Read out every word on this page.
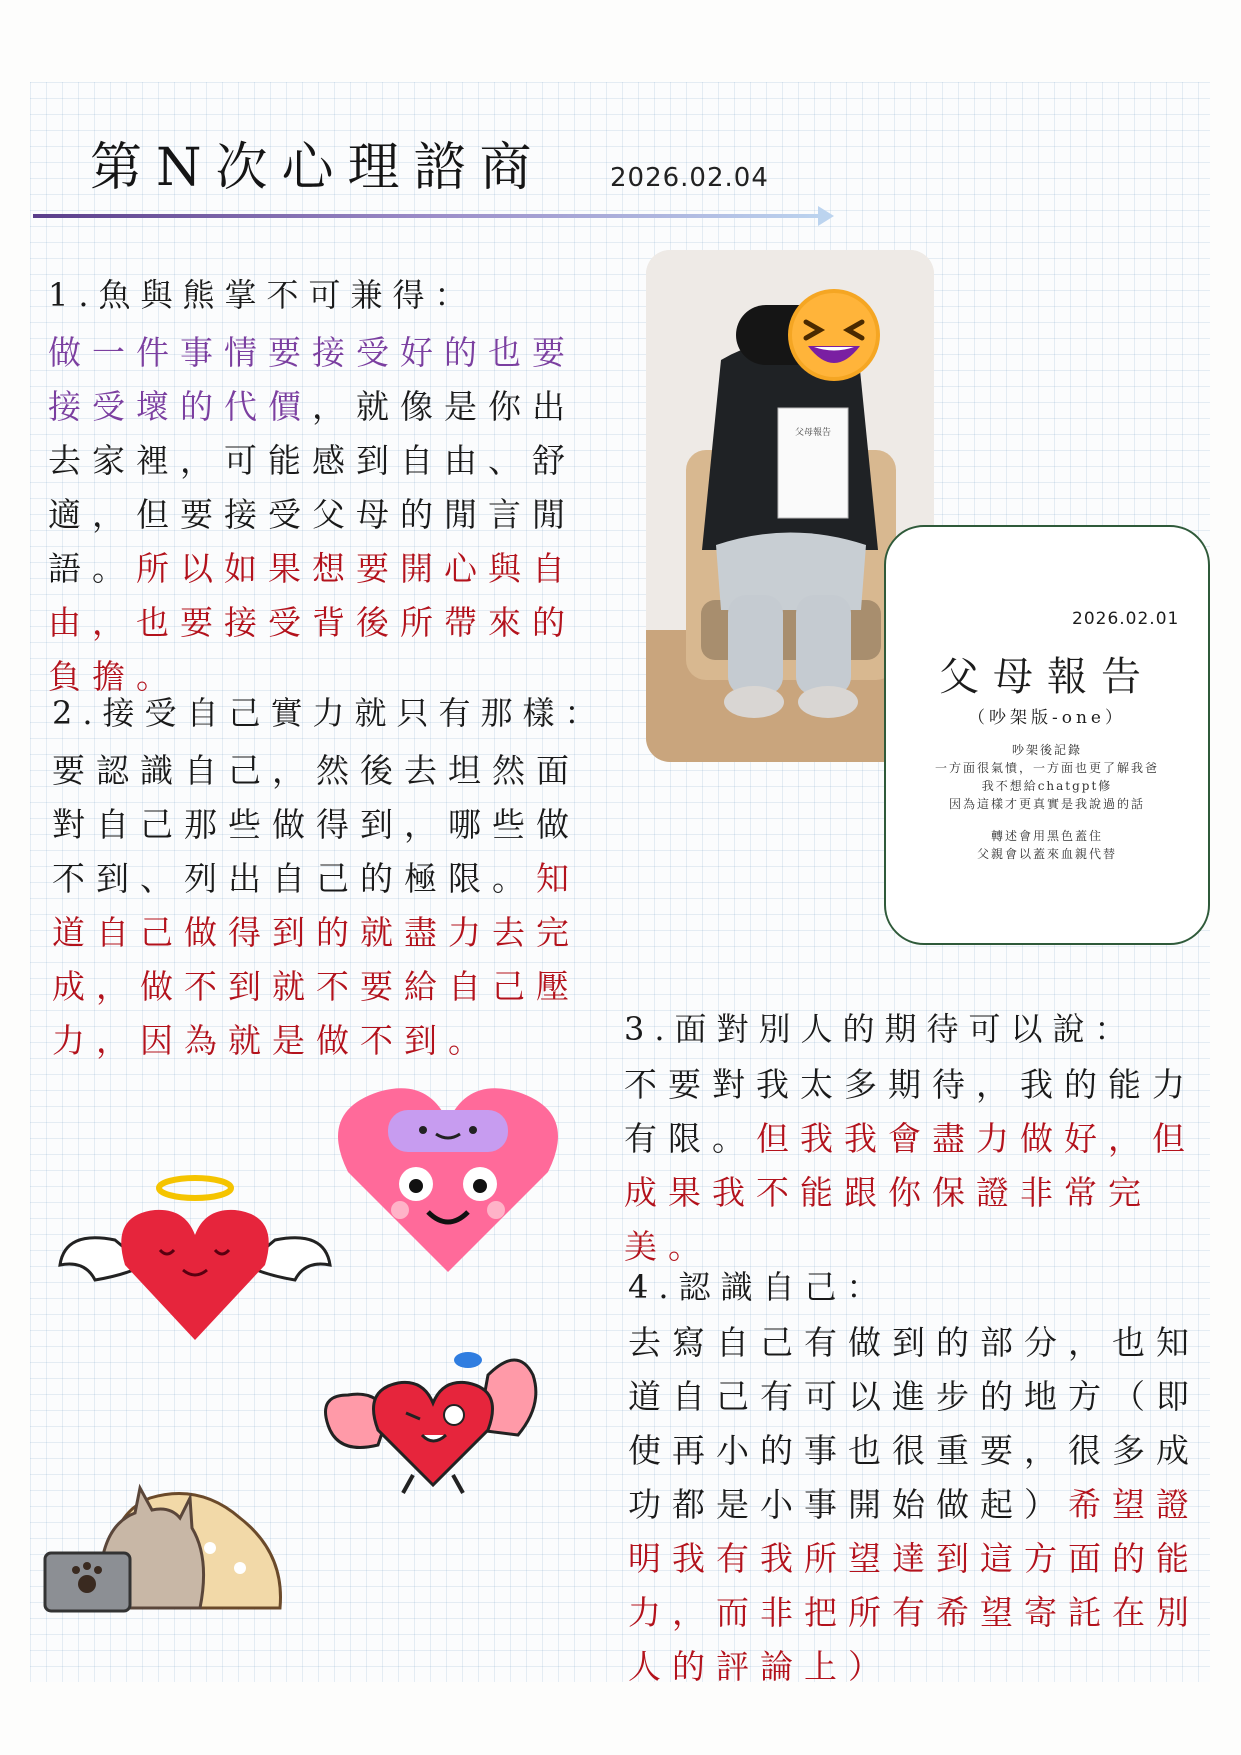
第N次心理諮商 2026.02.04
1.魚與熊掌不可兼得：
做一件事情要接受好的也要接受壞的代價，就像是你出去家裡，可能感到自由、舒適，但要接受父母的閒言閒語。所以如果想要開心與自由，也要接受背後所帶來的負擔。
2.接受自己實力就只有那樣：
要認識自己，然後去坦然面對自己那些做得到，哪些做不到、列出自己的極限。知道自己做得到的就盡力去完成，做不到就不要給自己壓力，因為就是做不到。
父母報告
2026.02.01
父母報告
（吵架版-one）
吵架後記錄
一方面很氣憤，一方面也更了解我爸
我不想給chatgpt修
因為這樣才更真實是我說過的話
轉述會用黑色蓋住
父親會以蓋來血親代替
3.面對別人的期待可以說：
不要對我太多期待，我的能力有限。但我我會盡力做好，但成果我不能跟你保證非常完美。
4.認識自己：
去寫自己有做到的部分，也知道自己有可以進步的地方（即使再小的事也很重要，很多成功都是小事開始做起）希望證明我有我所望達到這方面的能力，而非把所有希望寄託在別人的評論上）
